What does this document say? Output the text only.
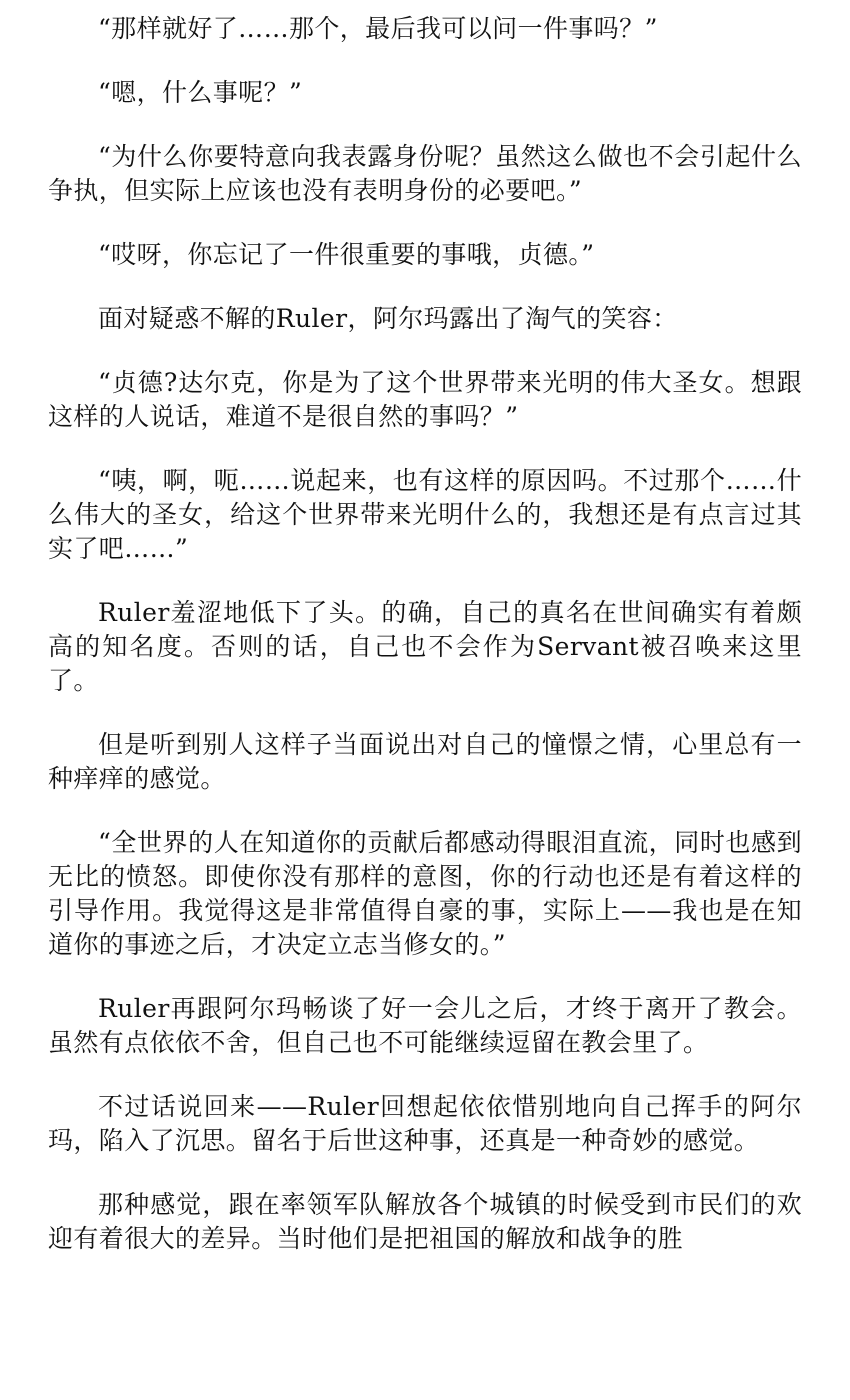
“那样就好了……那个，最后我可以问一件事吗？”

“嗯，什么事呢？”

“为什么你要特意向我表露身份呢？虽然这么做也不会引起什么争执，但实际上应该也没有表明身份的必要吧。”

“哎呀，你忘记了一件很重要的事哦，贞德。”

面对疑惑不解的Ruler，阿尔玛露出了淘气的笑容：

“贞德?达尔克，你是为了这个世界带来光明的伟大圣女。想跟这样的人说话，难道不是很自然的事吗？”

“咦，啊，呃……说起来，也有这样的原因吗。不过那个……什么伟大的圣女，给这个世界带来光明什么的，我想还是有点言过其实了吧……”

Ruler羞涩地低下了头。的确，自己的真名在世间确实有着颇高的知名度。否则的话，自己也不会作为Servant被召唤来这里了。

但是听到别人这样子当面说出对自己的憧憬之情，心里总有一种痒痒的感觉。

“全世界的人在知道你的贡献后都感动得眼泪直流，同时也感到无比的愤怒。即使你没有那样的意图，你的行动也还是有着这样的引导作用。我觉得这是非常值得自豪的事，实际上——我也是在知道你的事迹之后，才决定立志当修女的。”

Ruler再跟阿尔玛畅谈了好一会儿之后，才终于离开了教会。虽然有点依依不舍，但自己也不可能继续逗留在教会里了。

不过话说回来——Ruler回想起依依惜别地向自己挥手的阿尔玛，陷入了沉思。留名于后世这种事，还真是一种奇妙的感觉。

那种感觉，跟在率领军队解放各个城镇的时候受到市民们的欢迎有着很大的差异。当时他们是把祖国的解放和战争的胜
